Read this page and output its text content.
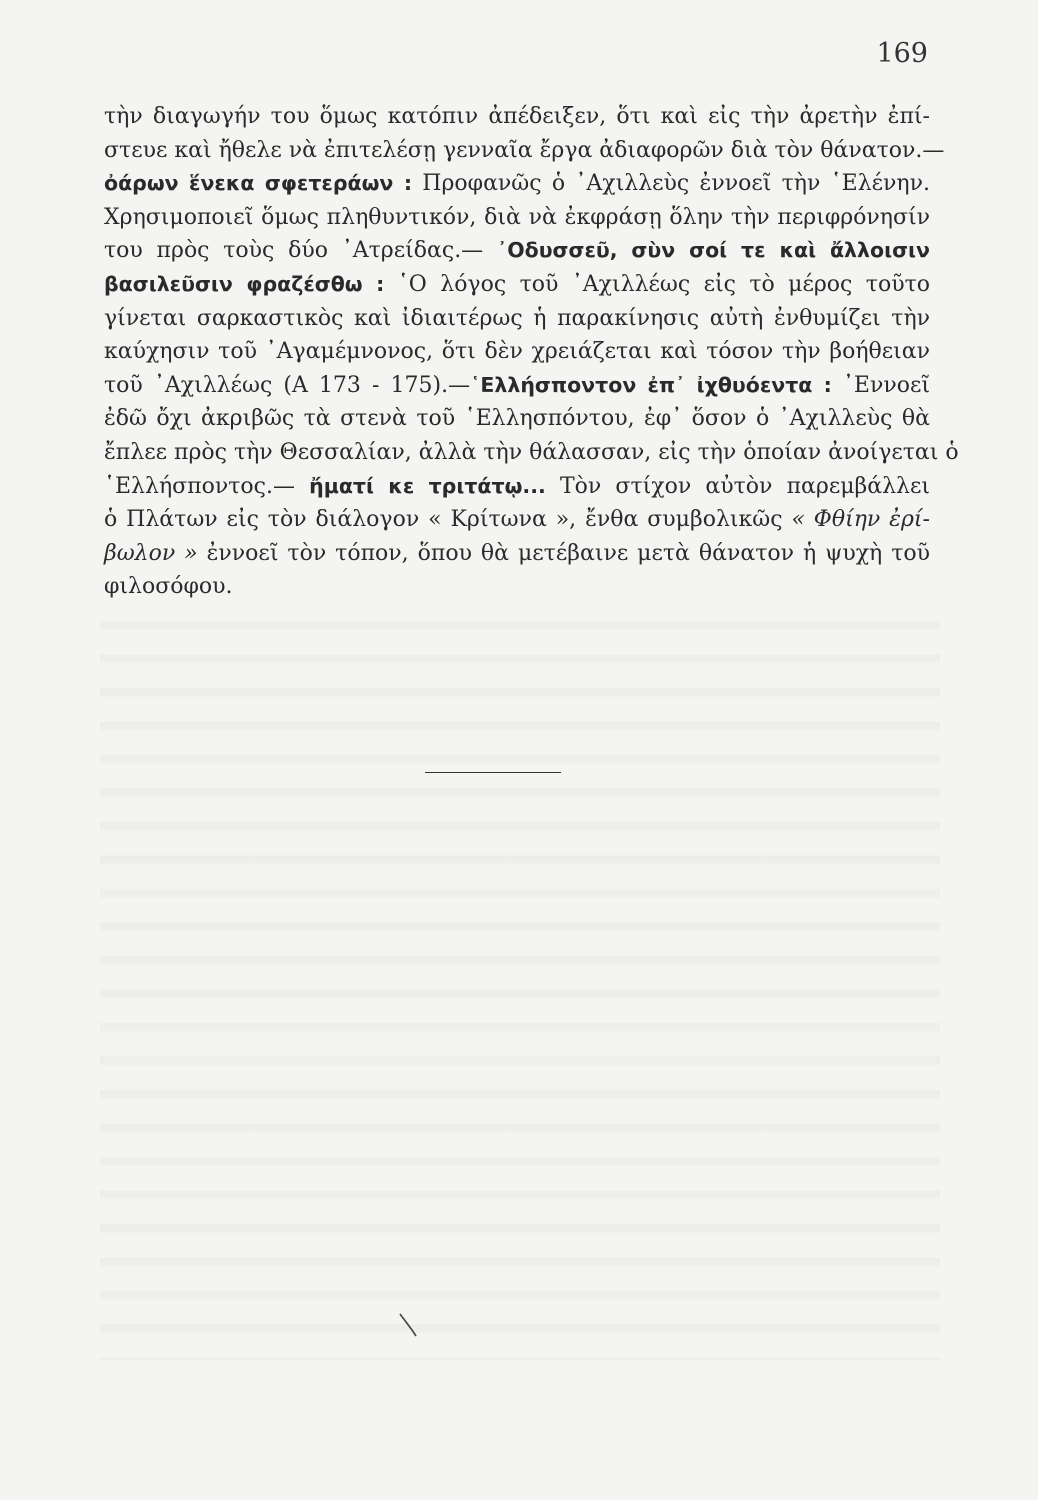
169
τὴν διαγωγήν του ὅμως κατόπιν ἀπέδειξεν, ὅτι καὶ εἰς τὴν ἀρετὴν ἐπί-
στευε καὶ ἤθελε νὰ ἐπιτελέσῃ γενναῖα ἔργα ἀδιαφορῶν διὰ τὸν θάνατον.—
ὀάρων ἕνεκα σφετεράων : Προφανῶς ὁ ᾿Αχιλλεὺς ἐννοεῖ τὴν ῾Ελένην.
Χρησιμοποιεῖ ὅμως πληθυντικόν, διὰ νὰ ἐκφράσῃ ὅλην τὴν περιφρόνησίν
του πρὸς τοὺς δύο ᾿Ατρείδας.— ᾿Οδυσσεῦ, σὺν σοί τε καὶ ἄλλοισιν
βασιλεῦσιν φραζέσθω : ῾Ο λόγος τοῦ ᾿Αχιλλέως εἰς τὸ μέρος τοῦτο
γίνεται σαρκαστικὸς καὶ ἰδιαιτέρως ἡ παρακίνησις αὐτὴ ἐνθυμίζει τὴν
καύχησιν τοῦ ᾿Αγαμέμνονος, ὅτι δὲν χρειάζεται καὶ τόσον τὴν βοήθειαν
τοῦ ᾿Αχιλλέως (Α 173 - 175).—῾Ελλήσποντον ἐπ᾿ ἰχθυόεντα : ᾿Εννοεῖ
ἐδῶ ὄχι ἀκριβῶς τὰ στενὰ τοῦ ῾Ελλησπόντου, ἐφ᾿ ὅσον ὁ ᾿Αχιλλεὺς θὰ
ἔπλεε πρὸς τὴν Θεσσαλίαν, ἀλλὰ τὴν θάλασσαν, εἰς τὴν ὁποίαν ἀνοίγεται ὁ
῾Ελλήσποντος.— ἤματί κε τριτάτῳ... Τὸν στίχον αὐτὸν παρεμβάλλει
ὁ Πλάτων εἰς τὸν διάλογον « Κρίτωνα », ἔνθα συμβολικῶς « Φθίην ἐρί-
βωλον » ἐννοεῖ τὸν τόπον, ὅπου θὰ μετέβαινε μετὰ θάνατον ἡ ψυχὴ τοῦ
φιλοσόφου.
